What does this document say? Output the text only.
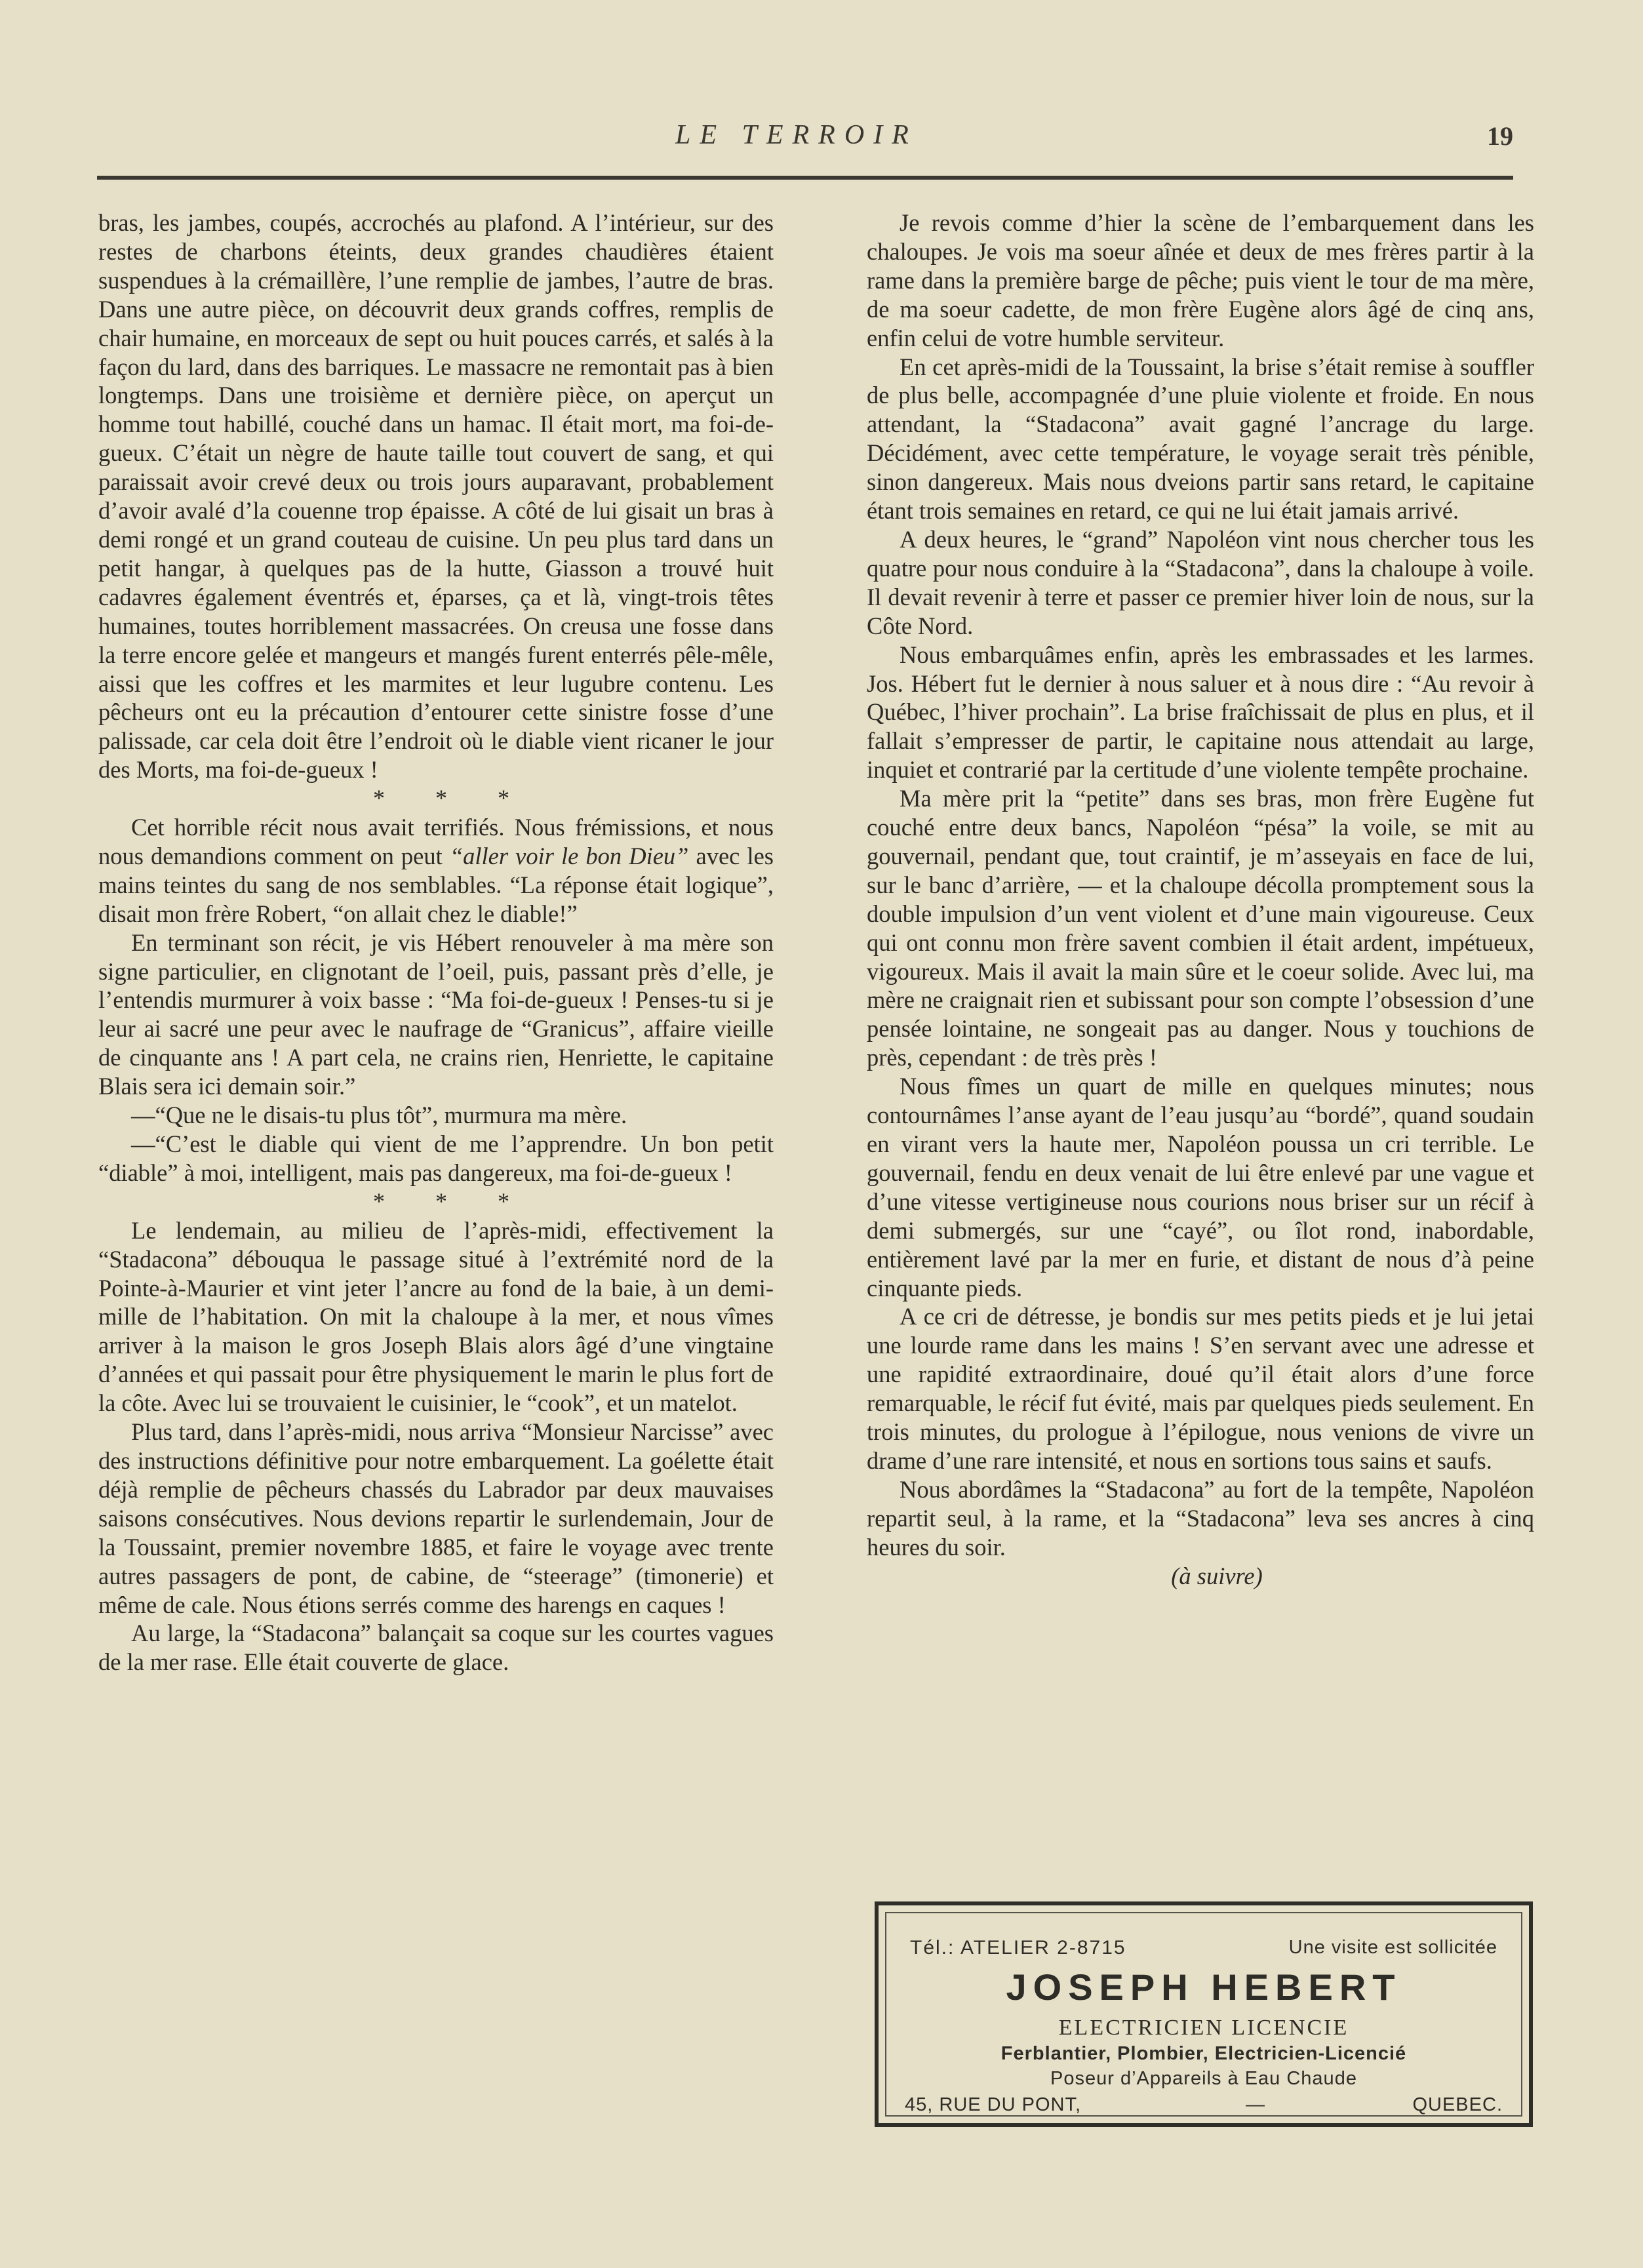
LE TERROIR	19

bras, les jambes, coupés, accrochés au plafond. A l’intérieur, sur des restes de charbons éteints, deux grandes chaudières étaient suspendues à la crémaillère, l’une remplie de jambes, l’autre de bras. Dans une autre pièce, on découvrit deux grands coffres, remplis de chair humaine, en morceaux de sept ou huit pouces carrés, et salés à la façon du lard, dans des barriques. Le massacre ne remontait pas à bien longtemps. Dans une troisième et dernière pièce, on aperçut un homme tout habillé, couché dans un hamac. Il était mort, ma foi-de-gueux. C’était un nègre de haute taille tout couvert de sang, et qui paraissait avoir crevé deux ou trois jours auparavant, probablement d’avoir avalé d’la couenne trop épaisse. A côté de lui gisait un bras à demi rongé et un grand couteau de cuisine. Un peu plus tard dans un petit hangar, à quelques pas de la hutte, Giasson a trouvé huit cadavres également éventrés et, éparses, ça et là, vingt-trois têtes humaines, toutes horriblement massacrées. On creusa une fosse dans la terre encore gelée et mangeurs et mangés furent enterrés pêle-mêle, aissi que les coffres et les marmites et leur lugubre contenu. Les pêcheurs ont eu la précaution d’entourer cette sinistre fosse d’une palissade, car cela doit être l’endroit où le diable vient ricaner le jour des Morts, ma foi-de-gueux !

* * *

Cet horrible récit nous avait terrifiés. Nous frémissions, et nous nous demandions comment on peut “aller voir le bon Dieu” avec les mains teintes du sang de nos semblables. “La réponse était logique”, disait mon frère Robert, “on allait chez le diable!”

En terminant son récit, je vis Hébert renouveler à ma mère son signe particulier, en clignotant de l’oeil, puis, passant près d’elle, je l’entendis murmurer à voix basse : “Ma foi-de-gueux ! Penses-tu si je leur ai sacré une peur avec le naufrage de “Granicus”, affaire vieille de cinquante ans ! A part cela, ne crains rien, Henriette, le capitaine Blais sera ici demain soir.”

—“Que ne le disais-tu plus tôt”, murmura ma mère.

—“C’est le diable qui vient de me l’apprendre. Un bon petit “diable” à moi, intelligent, mais pas dangereux, ma foi-de-gueux !

* * *

Le lendemain, au milieu de l’après-midi, effectivement la “Stadacona” débouqua le passage situé à l’extrémité nord de la Pointe-à-Maurier et vint jeter l’ancre au fond de la baie, à un demi-mille de l’habitation. On mit la chaloupe à la mer, et nous vîmes arriver à la maison le gros Joseph Blais alors âgé d’une vingtaine d’années et qui passait pour être physiquement le marin le plus fort de la côte. Avec lui se trouvaient le cuisinier, le “cook”, et un matelot.

Plus tard, dans l’après-midi, nous arriva “Monsieur Narcisse” avec des instructions définitive pour notre embarquement. La goélette était déjà remplie de pêcheurs chassés du Labrador par deux mauvaises saisons consécutives. Nous devions repartir le surlendemain, Jour de la Toussaint, premier novembre 1885, et faire le voyage avec trente autres passagers de pont, de cabine, de “steerage” (timonerie) et même de cale. Nous étions serrés comme des harengs en caques !

Au large, la “Stadacona” balançait sa coque sur les courtes vagues de la mer rase. Elle était couverte de glace.

Je revois comme d’hier la scène de l’embarquement dans les chaloupes. Je vois ma soeur aînée et deux de mes frères partir à la rame dans la première barge de pêche; puis vient le tour de ma mère, de ma soeur cadette, de mon frère Eugène alors âgé de cinq ans, enfin celui de votre humble serviteur.

En cet après-midi de la Toussaint, la brise s’était remise à souffler de plus belle, accompagnée d’une pluie violente et froide. En nous attendant, la “Stadacona” avait gagné l’ancrage du large. Décidément, avec cette température, le voyage serait très pénible, sinon dangereux. Mais nous dveions partir sans retard, le capitaine étant trois semaines en retard, ce qui ne lui était jamais arrivé.

A deux heures, le “grand” Napoléon vint nous chercher tous les quatre pour nous conduire à la “Stadacona”, dans la chaloupe à voile. Il devait revenir à terre et passer ce premier hiver loin de nous, sur la Côte Nord.

Nous embarquâmes enfin, après les embrassades et les larmes. Jos. Hébert fut le dernier à nous saluer et à nous dire : “Au revoir à Québec, l’hiver prochain”. La brise fraîchissait de plus en plus, et il fallait s’empresser de partir, le capitaine nous attendait au large, inquiet et contrarié par la certitude d’une violente tempête prochaine.

Ma mère prit la “petite” dans ses bras, mon frère Eugène fut couché entre deux bancs, Napoléon “pésa” la voile, se mit au gouvernail, pendant que, tout craintif, je m’asseyais en face de lui, sur le banc d’arrière, — et la chaloupe décolla promptement sous la double impulsion d’un vent violent et d’une main vigoureuse. Ceux qui ont connu mon frère savent combien il était ardent, impétueux, vigoureux. Mais il avait la main sûre et le coeur solide. Avec lui, ma mère ne craignait rien et subissant pour son compte l’obsession d’une pensée lointaine, ne songeait pas au danger. Nous y touchions de près, cependant : de très près !

Nous fîmes un quart de mille en quelques minutes; nous contournâmes l’anse ayant de l’eau jusqu’au “bordé”, quand soudain en virant vers la haute mer, Napoléon poussa un cri terrible. Le gouvernail, fendu en deux venait de lui être enlevé par une vague et d’une vitesse vertigineuse nous courions nous briser sur un récif à demi submergés, sur une “cayé”, ou îlot rond, inabordable, entièrement lavé par la mer en furie, et distant de nous d’à peine cinquante pieds.

A ce cri de détresse, je bondis sur mes petits pieds et je lui jetai une lourde rame dans les mains ! S’en servant avec une adresse et une rapidité extraordinaire, doué qu’il était alors d’une force remarquable, le récif fut évité, mais par quelques pieds seulement. En trois minutes, du prologue à l’épilogue, nous venions de vivre un drame d’une rare intensité, et nous en sortions tous sains et saufs.

Nous abordâmes la “Stadacona” au fort de la tempête, Napoléon repartit seul, à la rame, et la “Stadacona” leva ses ancres à cinq heures du soir.

(à suivre)

Tél.: ATELIER 2-8715	Une visite est sollicitée
JOSEPH HEBERT
ELECTRICIEN LICENCIE
Ferblantier, Plombier, Electricien-Licencié
Poseur d’Appareils à Eau Chaude
45, RUE DU PONT,	—	QUEBEC.
